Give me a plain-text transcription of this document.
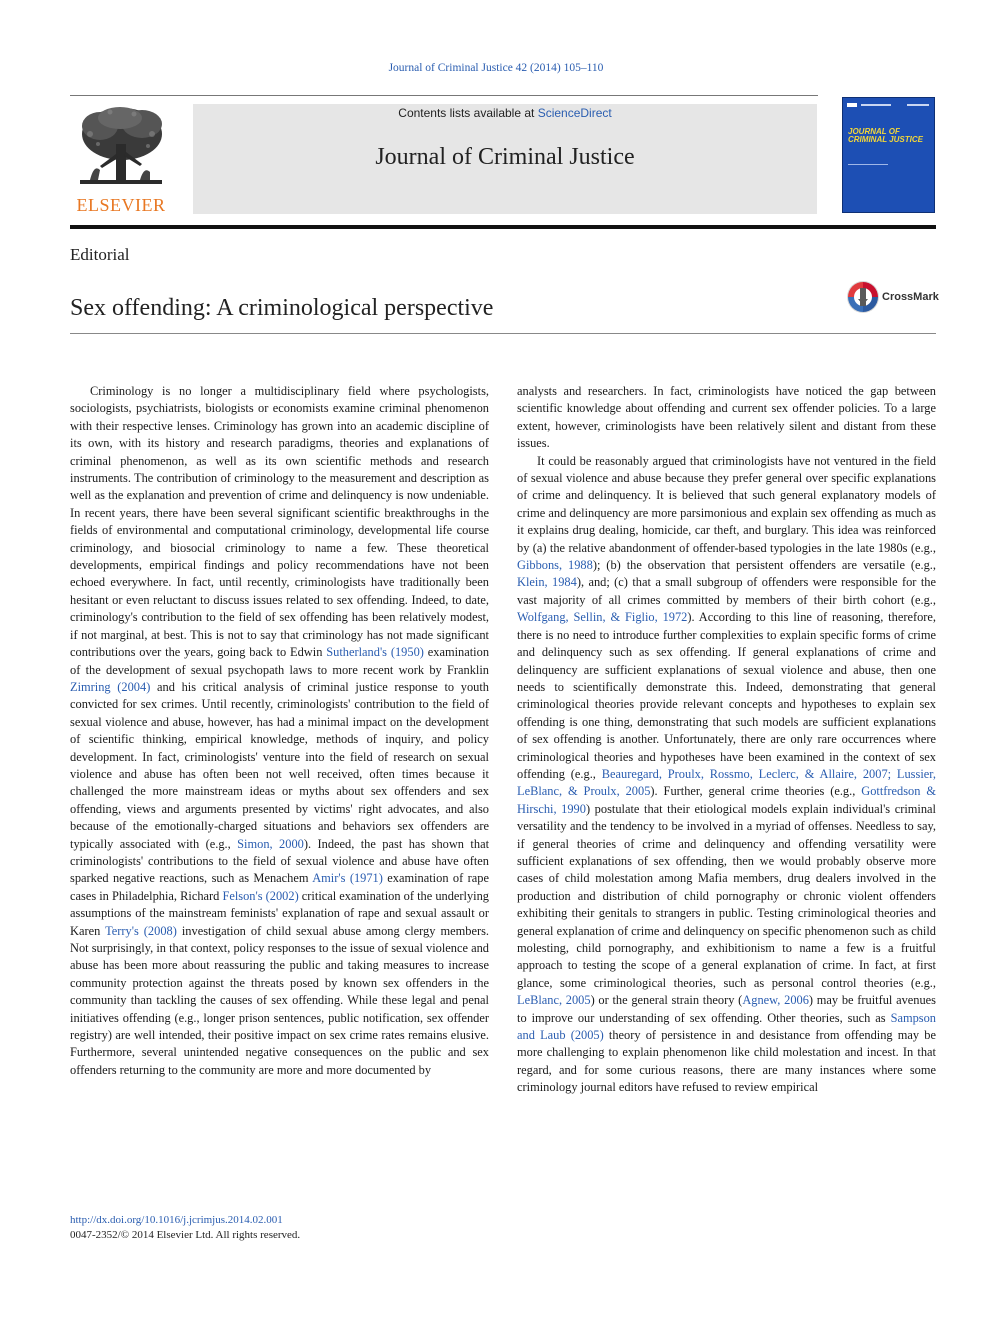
Journal of Criminal Justice 42 (2014) 105–110
ELSEVIER
Contents lists available at ScienceDirect
Journal of Criminal Justice
JOURNAL OF CRIMINAL JUSTICE
Editorial
Sex offending: A criminological perspective	CrossMark

Criminology is no longer a multidisciplinary field where psychologists, sociologists, psychiatrists, biologists or economists examine criminal phenomenon with their respective lenses. Criminology has grown into an academic discipline of its own, with its history and research paradigms, theories and explanations of criminal phenomenon, as well as its own scientific methods and research instruments. The contribution of criminology to the measurement and description as well as the explanation and prevention of crime and delinquency is now undeniable. In recent years, there have been several significant scientific breakthroughs in the fields of environmental and computational criminology, developmental life course criminology, and biosocial criminology to name a few. These theoretical developments, empirical findings and policy recommendations have not been echoed everywhere. In fact, until recently, criminologists have traditionally been hesitant or even reluctant to discuss issues related to sex offending. Indeed, to date, criminology's contribution to the field of sex offending has been relatively modest, if not marginal, at best. This is not to say that criminology has not made significant contributions over the years, going back to Edwin Sutherland's (1950) examination of the development of sexual psychopath laws to more recent work by Franklin Zimring (2004) and his critical analysis of criminal justice response to youth convicted for sex crimes. Until recently, criminologists' contribution to the field of sexual violence and abuse, however, has had a minimal impact on the development of scientific thinking, empirical knowledge, methods of inquiry, and policy development. In fact, criminologists' venture into the field of research on sexual violence and abuse has often been not well received, often times because it challenged the more mainstream ideas or myths about sex offenders and sex offending, views and arguments presented by victims' right advocates, and also because of the emotionally-charged situations and behaviors sex offenders are typically associated with (e.g., Simon, 2000). Indeed, the past has shown that criminologists' contributions to the field of sexual violence and abuse have often sparked negative reactions, such as Menachem Amir's (1971) examination of rape cases in Philadelphia, Richard Felson's (2002) critical examination of the underlying assumptions of the mainstream feminists' explanation of rape and sexual assault or Karen Terry's (2008) investigation of child sexual abuse among clergy members. Not surprisingly, in that context, policy responses to the issue of sexual violence and abuse has been more about reassuring the public and taking measures to increase community protection against the threats posed by known sex offenders in the community than tackling the causes of sex offending. While these legal and penal initiatives offending (e.g., longer prison sentences, public notification, sex offender registry) are well intended, their positive impact on sex crime rates remains elusive. Furthermore, several unintended negative consequences on the public and sex offenders returning to the community are more and more documented by

analysts and researchers. In fact, criminologists have noticed the gap between scientific knowledge about offending and current sex offender policies. To a large extent, however, criminologists have been relatively silent and distant from these issues.

It could be reasonably argued that criminologists have not ventured in the field of sexual violence and abuse because they prefer general over specific explanations of crime and delinquency. It is believed that such general explanatory models of crime and delinquency are more parsimonious and explain sex offending as much as it explains drug dealing, homicide, car theft, and burglary. This idea was reinforced by (a) the relative abandonment of offender-based typologies in the late 1980s (e.g., Gibbons, 1988); (b) the observation that persistent offenders are versatile (e.g., Klein, 1984), and; (c) that a small subgroup of offenders were responsible for the vast majority of all crimes committed by members of their birth cohort (e.g., Wolfgang, Sellin, & Figlio, 1972). According to this line of reasoning, therefore, there is no need to introduce further complexities to explain specific forms of crime and delinquency such as sex offending. If general explanations of crime and delinquency are sufficient explanations of sexual violence and abuse, then one needs to scientifically demonstrate this. Indeed, demonstrating that general criminological theories provide relevant concepts and hypotheses to explain sex offending is one thing, demonstrating that such models are sufficient explanations of sex offending is another. Unfortunately, there are only rare occurrences where criminological theories and hypotheses have been examined in the context of sex offending (e.g., Beauregard, Proulx, Rossmo, Leclerc, & Allaire, 2007; Lussier, LeBlanc, & Proulx, 2005). Further, general crime theories (e.g., Gottfredson & Hirschi, 1990) postulate that their etiological models explain individual's criminal versatility and the tendency to be involved in a myriad of offenses. Needless to say, if general theories of crime and delinquency and offending versatility were sufficient explanations of sex offending, then we would probably observe more cases of child molestation among Mafia members, drug dealers involved in the production and distribution of child pornography or chronic violent offenders exhibiting their genitals to strangers in public. Testing criminological theories and general explanation of crime and delinquency on specific phenomenon such as child molesting, child pornography, and exhibitionism to name a few is a fruitful approach to testing the scope of a general explanation of crime. In fact, at first glance, some criminological theories, such as personal control theories (e.g., LeBlanc, 2005) or the general strain theory (Agnew, 2006) may be fruitful avenues to improve our understanding of sex offending. Other theories, such as Sampson and Laub (2005) theory of persistence in and desistance from offending may be more challenging to explain phenomenon like child molestation and incest. In that regard, and for some curious reasons, there are many instances where some criminology journal editors have refused to review empirical

http://dx.doi.org/10.1016/j.jcrimjus.2014.02.001
0047-2352/© 2014 Elsevier Ltd. All rights reserved.
